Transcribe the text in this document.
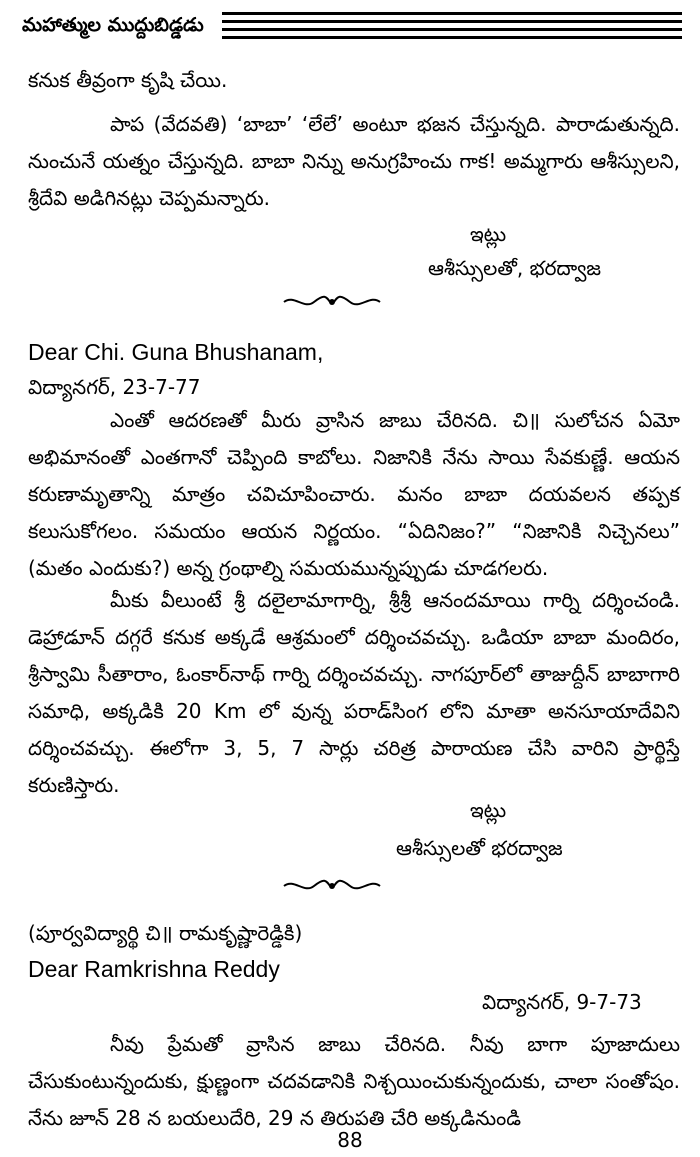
మహాత్ముల ముద్దుబిడ్డడు
కనుక తీవ్రంగా కృషి చేయి.
పాప (వేదవతి) ‘బాబా’ ‘లేలే’ అంటూ భజన చేస్తున్నది. పారాడుతున్నది. నుంచునే యత్నం చేస్తున్నది. బాబా నిన్ను అనుగ్రహించు గాక! అమ్మగారు ఆశీస్సులని, శ్రీదేవి అడిగినట్లు చెప్పమన్నారు.
ఇట్లు
ఆశీస్సులతో, భరద్వాజ
Dear Chi. Guna Bhushanam,
విద్యానగర్, 23-7-77
ఎంతో ఆదరణతో మీరు వ్రాసిన జాబు చేరినది. చి॥ సులోచన ఏమో అభిమానంతో ఎంతగానో చెప్పింది కాబోలు. నిజానికి నేను సాయి సేవకుణ్ణే. ఆయన కరుణామృతాన్ని మాత్రం చవిచూపించారు. మనం బాబా దయవలన తప్పక కలుసుకోగలం. సమయం ఆయన నిర్ణయం. “ఏదినిజం?” “నిజానికి నిచ్చెనలు” (మతం ఎందుకు?) అన్న గ్రంథాల్ని సమయమున్నప్పుడు చూడగలరు.
మీకు వీలుంటే శ్రీ దలైలామాగార్ని, శ్రీశ్రీ ఆనందమాయి గార్ని దర్శించండి. డెహ్రాడూన్ దగ్గరే కనుక అక్కడే ఆశ్రమంలో దర్శించవచ్చు. ఒడియా బాబా మందిరం, శ్రీస్వామి సీతారాం, ఓంకార్‌నాథ్ గార్ని దర్శించవచ్చు. నాగపూర్‌లో తాజుద్దీన్ బాబాగారి సమాధి, అక్కడికి 20 Km లో వున్న పరాడ్‌సింగ లోని మాతా అనసూయాదేవిని దర్శించవచ్చు. ఈలోగా 3, 5, 7 సార్లు చరిత్ర పారాయణ చేసి వారిని ప్రార్థిస్తే కరుణిస్తారు.
ఇట్లు
ఆశీస్సులతో భరద్వాజ
(పూర్వవిద్యార్థి చి॥ రామకృష్ణారెడ్డికి)
Dear Ramkrishna Reddy
విద్యానగర్, 9-7-73
నీవు ప్రేమతో వ్రాసిన జాబు చేరినది. నీవు బాగా పూజాదులు చేసుకుంటున్నందుకు, క్షుణ్ణంగా చదవడానికి నిశ్చయించుకున్నందుకు, చాలా సంతోషం. నేను జూన్ 28 న బయలుదేరి, 29 న తిరుపతి చేరి అక్కడినుండి
88
